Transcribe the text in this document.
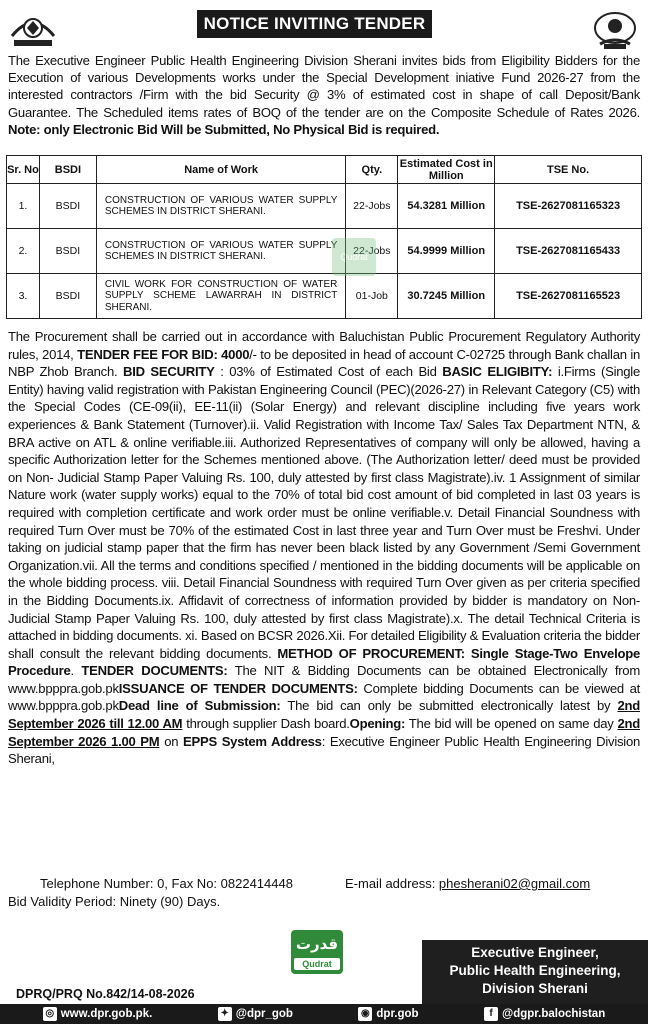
NOTICE INVITING TENDER
The Executive Engineer Public Health Engineering Division Sherani invites bids from Eligibility Bidders for the Execution of various Developments works under the Special Development iniative Fund 2026-27 from the interested contractors /Firm with the bid Security @ 3% of estimated cost in shape of call Deposit/Bank Guarantee. The Scheduled items rates of BOQ of the tender are on the Composite Schedule of Rates 2026. Note: only Electronic Bid Will be Submitted, No Physical Bid is required.
Sr. No	BSDI	Name of Work	Qty.	Estimated Cost in Million	TSE No.
1.	BSDI	CONSTRUCTION OF VARIOUS WATER SUPPLY SCHEMES IN DISTRICT SHERANI.	22-Jobs	54.3281 Million	TSE-2627081165323
2.	BSDI	CONSTRUCTION OF VARIOUS WATER SUPPLY SCHEMES IN DISTRICT SHERANI.	22-Jobs	54.9999 Million	TSE-2627081165433
3.	BSDI	CIVIL WORK FOR CONSTRUCTION OF WATER SUPPLY SCHEME LAWARRAH IN DISTRICT SHERANI.	01-Job	30.7245 Million	TSE-2627081165523
Qudrat
The Procurement shall be carried out in accordance with Baluchistan Public Procurement Regulatory Authority rules, 2014, TENDER FEE FOR BID: 4000/- to be deposited in head of account C-02725 through Bank challan in NBP Zhob Branch. BID SECURITY : 03% of Estimated Cost of each Bid BASIC ELIGIBITY: i.Firms (Single Entity) having valid registration with Pakistan Engineering Council (PEC)(2026-27) in Relevant Category (C5) with the Special Codes (CE-09(ii), EE-11(ii) (Solar Energy) and relevant discipline including five years work experiences & Bank Statement (Turnover).ii. Valid Registration with Income Tax/ Sales Tax Department NTN, & BRA active on ATL & online verifiable.iii. Authorized Representatives of company will only be allowed, having a specific Authorization letter for the Schemes mentioned above. (The Authorization letter/ deed must be provided on Non- Judicial Stamp Paper Valuing Rs. 100, duly attested by first class Magistrate).iv. 1 Assignment of similar Nature work (water supply works) equal to the 70% of total bid cost amount of bid completed in last 03 years is required with completion certificate and work order must be online verifiable.v. Detail Financial Soundness with required Turn Over must be 70% of the estimated Cost in last three year and Turn Over must be Freshvi. Under taking on judicial stamp paper that the firm has never been black listed by any Government /Semi Government Organization.vii. All the terms and conditions specified / mentioned in the bidding documents will be applicable on the whole bidding process. viii. Detail Financial Soundness with required Turn Over given as per criteria specified in the Bidding Documents.ix. Affidavit of correctness of information provided by bidder is mandatory on Non- Judicial Stamp Paper Valuing Rs. 100, duly attested by first class Magistrate).x. The detail Technical Criteria is attached in bidding documents. xi. Based on BCSR 2026.Xii. For detailed Eligibility & Evaluation criteria the bidder shall consult the relevant bidding documents. METHOD OF PROCUREMENT: Single Stage-Two Envelope Procedure. TENDER DOCUMENTS: The NIT & Bidding Documents can be obtained Electronically from www.bpppra.gob.pkISSUANCE OF TENDER DOCUMENTS: Complete bidding Documents can be viewed at www.bpppra.gob.pkDead line of Submission: The bid can only be submitted electronically latest by 2nd September 2026 till 12.00 AM through supplier Dash board.Opening: The bid will be opened on same day 2nd September 2026 1.00 PM on EPPS System Address: Executive Engineer Public Health Engineering Division Sherani,
Telephone Number: 0, Fax No: 0822414448	E-mail address: phesherani02@gmail.com
Bid Validity Period: Ninety (90) Days.
قدرت
Qudrat
Executive Engineer,
Public Health Engineering,
Division Sherani
DPRQ/PRQ No.842/14-08-2026
◎ www.dpr.gob.pk.	✦ @dpr_gob	◉ dpr.gob	f @dgpr.balochistan
